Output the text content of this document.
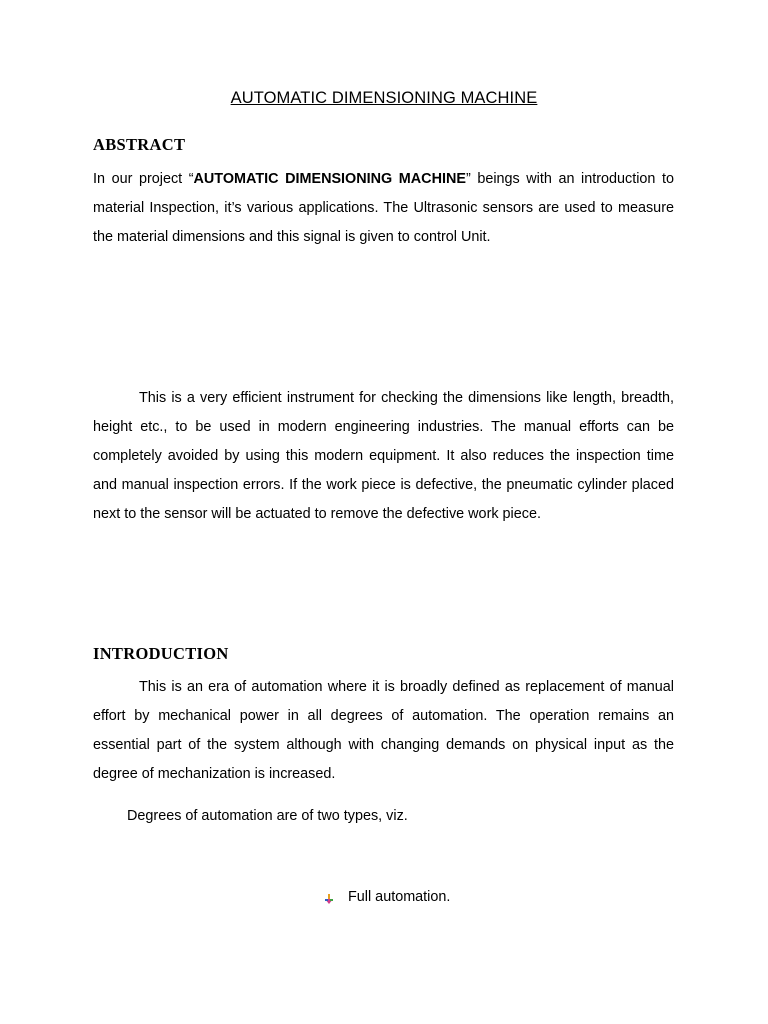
AUTOMATIC DIMENSIONING MACHINE
ABSTRACT
In our project “AUTOMATIC DIMENSIONING MACHINE” beings with an introduction to material Inspection, it’s various applications. The Ultrasonic sensors are used to measure the material dimensions and this signal is given to control Unit.
This is a very efficient instrument for checking the dimensions like length, breadth, height etc., to be used in modern engineering industries. The manual efforts can be completely avoided by using this modern equipment. It also reduces the inspection time and manual inspection errors. If the work piece is defective, the pneumatic cylinder placed next to the sensor will be actuated to remove the defective work piece.
INTRODUCTION
This is an era of automation where it is broadly defined as replacement of manual effort by mechanical power in all degrees of automation. The operation remains an essential part of the system although with changing demands on physical input as the degree of mechanization is increased.
Degrees of automation are of two types, viz.
Full automation.
